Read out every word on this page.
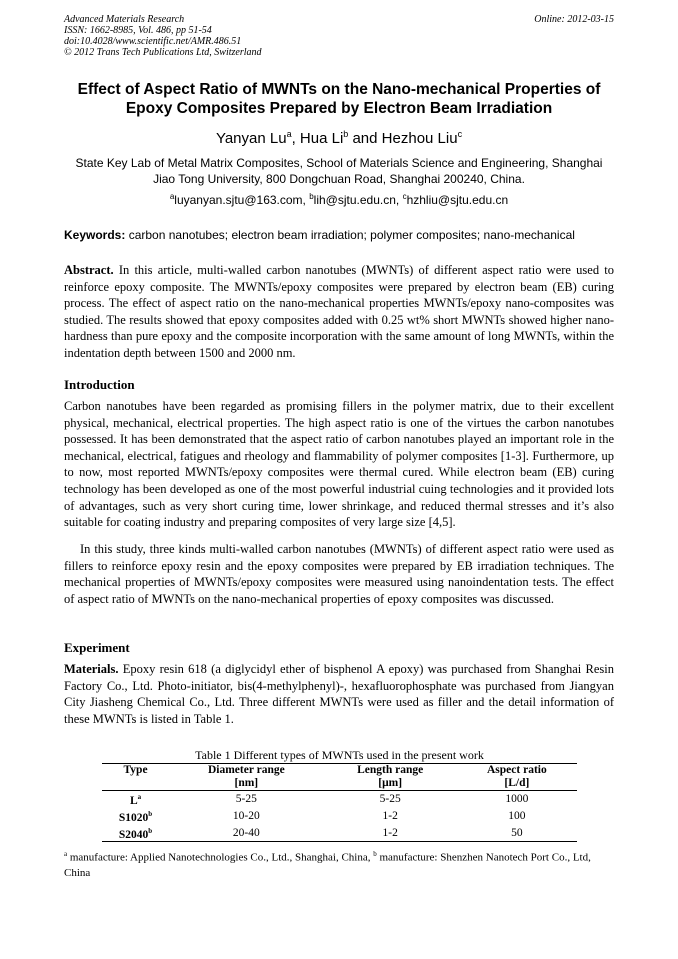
Advanced Materials Research
ISSN: 1662-8985, Vol. 486, pp 51-54
doi:10.4028/www.scientific.net/AMR.486.51
© 2012 Trans Tech Publications Ltd, Switzerland
Online: 2012-03-15
Effect of Aspect Ratio of MWNTs on the Nano-mechanical Properties of
Epoxy Composites Prepared by Electron Beam Irradiation
Yanyan Lu$^a$, Hua Li$^b$ and Hezhou Liu$^c$
State Key Lab of Metal Matrix Composites, School of Materials Science and Engineering, Shanghai
Jiao Tong University, 800 Dongchuan Road, Shanghai 200240, China.
$^a$luyanyan.sjtu@163.com, $^b$lih@sjtu.edu.cn, $^c$hzhliu@sjtu.edu.cn
Keywords: carbon nanotubes; electron beam irradiation; polymer composites; nano-mechanical

Abstract. In this article, multi-walled carbon nanotubes (MWNTs) of different aspect ratio were used to reinforce epoxy composite. The MWNTs/epoxy composites were prepared by electron beam (EB) curing process. The effect of aspect ratio on the nano-mechanical properties MWNTs/epoxy nano-composites was studied. The results showed that epoxy composites added with 0.25 wt% short MWNTs showed higher nano-hardness than pure epoxy and the composite incorporation with the same amount of long MWNTs, within the indentation depth between 1500 and 2000 nm.

Introduction

Carbon nanotubes have been regarded as promising fillers in the polymer matrix, due to their excellent physical, mechanical, electrical properties. The high aspect ratio is one of the virtues the carbon nanotubes possessed. It has been demonstrated that the aspect ratio of carbon nanotubes played an important role in the mechanical, electrical, fatigues and rheology and flammability of polymer composites [1-3]. Furthermore, up to now, most reported MWNTs/epoxy composites were thermal cured. While electron beam (EB) curing technology has been developed as one of the most powerful industrial cuing technologies and it provided lots of advantages, such as very short curing time, lower shrinkage, and reduced thermal stresses and it’s also suitable for coating industry and preparing composites of very large size [4,5].

In this study, three kinds multi-walled carbon nanotubes (MWNTs) of different aspect ratio were used as fillers to reinforce epoxy resin and the epoxy composites were prepared by EB irradiation techniques. The mechanical properties of MWNTs/epoxy composites were measured using nanoindentation tests. The effect of aspect ratio of MWNTs on the nano-mechanical properties of epoxy composites was discussed.

Experiment

Materials. Epoxy resin 618 (a diglycidyl ether of bisphenol A epoxy) was purchased from Shanghai Resin Factory Co., Ltd. Photo-initiator, bis(4-methylphenyl)-, hexafluorophosphate was purchased from Jiangyan City Jiasheng Chemical Co., Ltd. Three different MWNTs were used as filler and the detail information of these MWNTs is listed in Table 1.

Table 1 Different types of MWNTs used in the present work
Type	Diameter range	Length range	Aspect ratio
	[nm]	[μm]	[L/d]
$L^a$	5-25	5-25	1000
S1020$^b$	10-20	1-2	100
S2040$^b$	20-40	1-2	50

$^a$ manufacture: Applied Nanotechnologies Co., Ltd., Shanghai, China, $^b$ manufacture: Shenzhen Nanotech Port Co., Ltd, China
